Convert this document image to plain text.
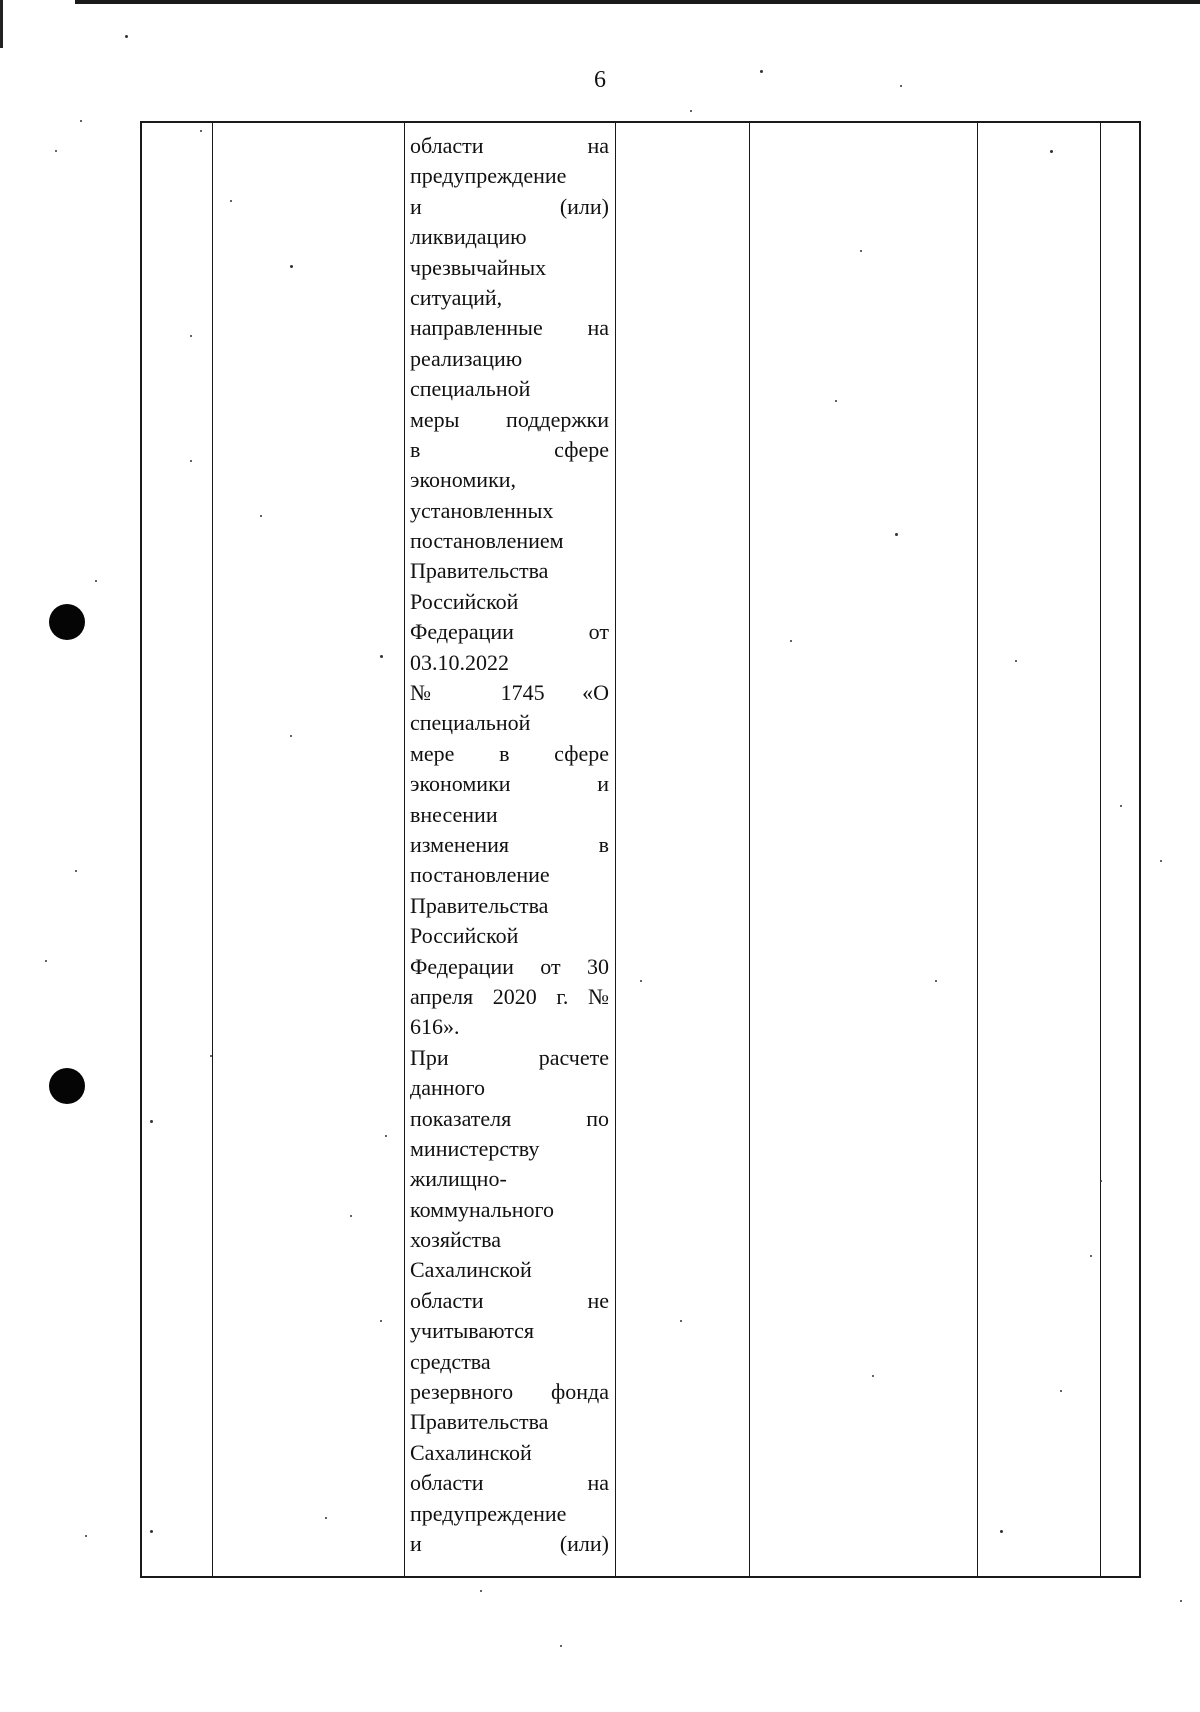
6
области на
предупреждение
и (или)
ликвидацию
чрезвычайных
ситуаций,
направленные на
реализацию
специальной
меры поддержки
в сфере
экономики,
установленных
постановлением
Правительства
Российской
Федерации от
03.10.2022
№ 1745 «О
специальной
мере в сфере
экономики и
внесении
изменения в
постановление
Правительства
Российской
Федерации от 30
апреля 2020 г. №
616».
При расчете
данного
показателя по
министерству
жилищно-
коммунального
хозяйства
Сахалинской
области не
учитываются
средства
резервного фонда
Правительства
Сахалинской
области на
предупреждение
и (или)
